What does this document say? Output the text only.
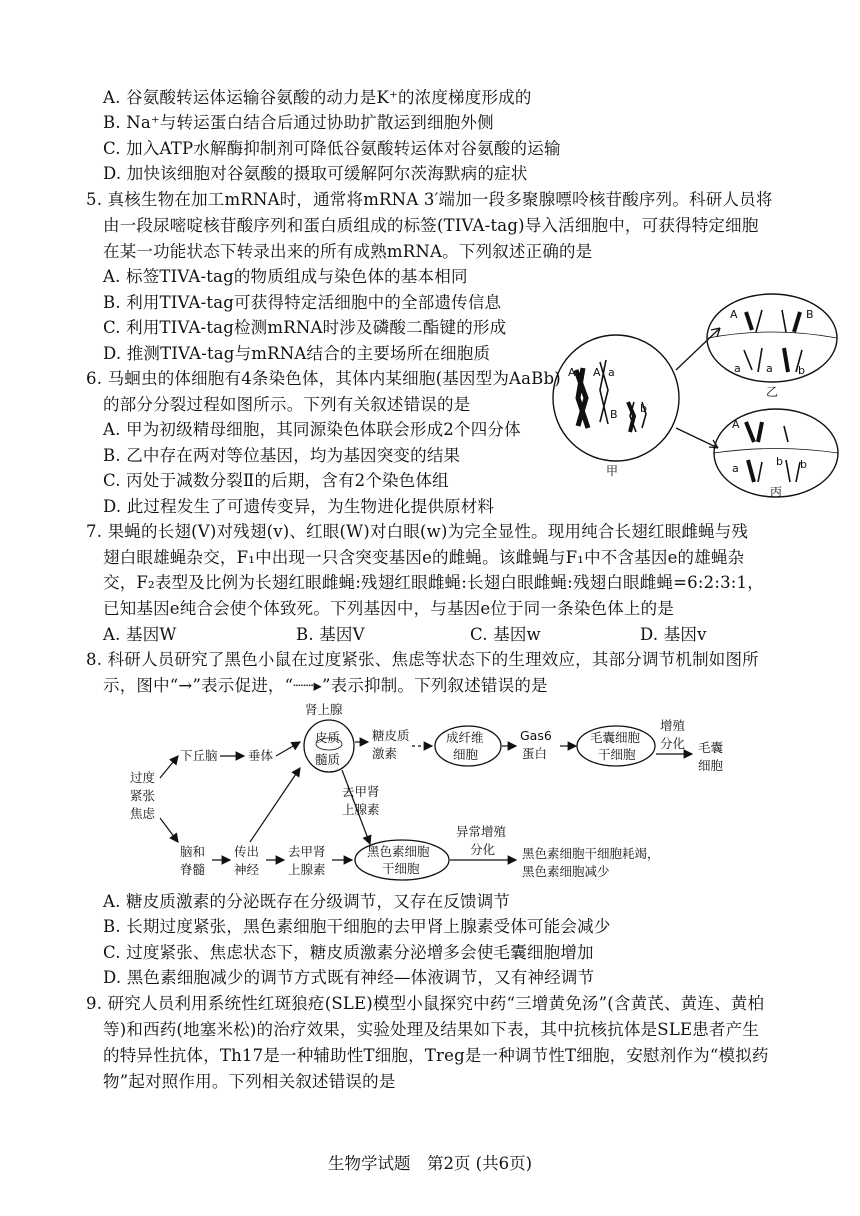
A. 谷氨酸转运体运输谷氨酸的动力是K⁺的浓度梯度形成的
B. Na⁺与转运蛋白结合后通过协助扩散运到细胞外侧
C. 加入ATP水解酶抑制剂可降低谷氨酸转运体对谷氨酸的运输
D. 加快该细胞对谷氨酸的摄取可缓解阿尔茨海默病的症状
5. 真核生物在加工mRNA时，通常将mRNA 3′端加一段多聚腺嘌呤核苷酸序列。科研人员将
由一段尿嘧啶核苷酸序列和蛋白质组成的标签(TIVA-tag)导入活细胞中，可获得特定细胞
在某一功能状态下转录出来的所有成熟mRNA。下列叙述正确的是
A. 标签TIVA-tag的物质组成与染色体的基本相同
B. 利用TIVA-tag可获得特定活细胞中的全部遗传信息
C. 利用TIVA-tag检测mRNA时涉及磷酸二酯键的形成
D. 推测TIVA-tag与mRNA结合的主要场所在细胞质
6. 马蛔虫的体细胞有4条染色体，其体内某细胞(基因型为AaBb)
的部分分裂过程如图所示。下列有关叙述错误的是
A. 甲为初级精母细胞，其同源染色体联会形成2个四分体
B. 乙中存在两对等位基因，均为基因突变的结果
C. 丙处于减数分裂Ⅱ的后期，含有2个染色体组
D. 此过程发生了可遗传变异，为生物进化提供原材料
A A a
B b
甲
A	B
a a b
乙
A
a
b b
丙
7. 果蝇的长翅(V)对残翅(v)、红眼(W)对白眼(w)为完全显性。现用纯合长翅红眼雌蝇与残
翅白眼雄蝇杂交，F₁中出现一只含突变基因e的雌蝇。该雌蝇与F₁中不含基因e的雄蝇杂
交，F₂表型及比例为长翅红眼雌蝇:残翅红眼雌蝇:长翅白眼雌蝇:残翅白眼雌蝇=6:2:3:1，
已知基因e纯合会使个体致死。下列基因中，与基因e位于同一条染色体上的是
A. 基因W	B. 基因V	C. 基因w	D. 基因v
8. 科研人员研究了黑色小鼠在过度紧张、焦虑等状态下的生理效应，其部分调节机制如图所
示，图中“→”表示促进，“┈┈▸”表示抑制。下列叙述错误的是
过度
紧张
焦虑
下丘脑 垂体
肾上腺
皮质
髓质
糖皮质
激素
成纤维
细胞
Gas6
蛋白
毛囊细胞
干细胞
增殖
分化 毛囊
细胞
去甲肾
上腺素
脑和
脊髓
传出
神经
去甲肾
上腺素
黑色素细胞
干细胞
异常增殖
分化 黑色素细胞干细胞耗竭，
黑色素细胞减少
A. 糖皮质激素的分泌既存在分级调节，又存在反馈调节
B. 长期过度紧张，黑色素细胞干细胞的去甲肾上腺素受体可能会减少
C. 过度紧张、焦虑状态下，糖皮质激素分泌增多会使毛囊细胞增加
D. 黑色素细胞减少的调节方式既有神经—体液调节，又有神经调节
9. 研究人员利用系统性红斑狼疮(SLE)模型小鼠探究中药“三增黄免汤”(含黄芪、黄连、黄柏
等)和西药(地塞米松)的治疗效果，实验处理及结果如下表，其中抗核抗体是SLE患者产生
的特异性抗体，Th17是一种辅助性T细胞，Treg是一种调节性T细胞，安慰剂作为“模拟药
物”起对照作用。下列相关叙述错误的是
生物学试题　第2页 (共6页)
